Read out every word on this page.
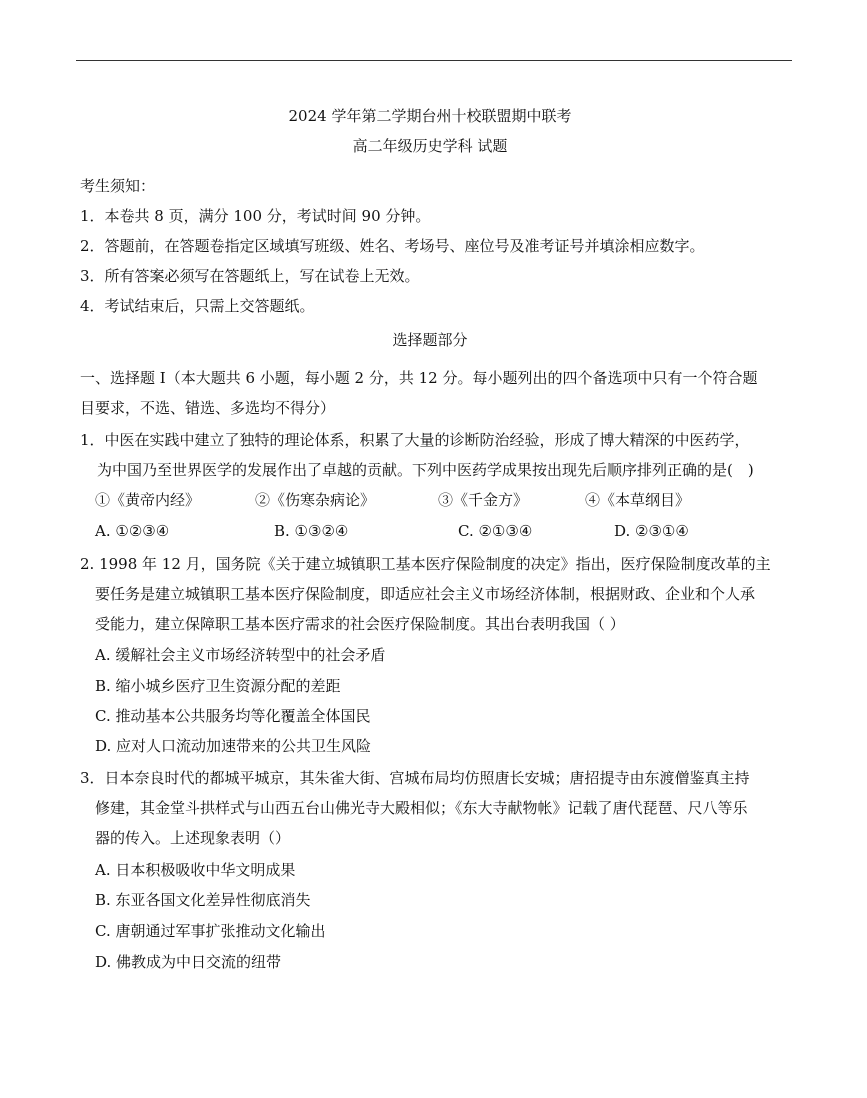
2024 学年第二学期台州十校联盟期中联考
高二年级历史学科 试题
考生须知：
1．本卷共 8 页，满分 100 分，考试时间 90 分钟。
2．答题前，在答题卷指定区域填写班级、姓名、考场号、座位号及准考证号并填涂相应数字。
3．所有答案必须写在答题纸上，写在试卷上无效。
4．考试结束后，只需上交答题纸。
选择题部分
一、选择题 I（本大题共 6 小题，每小题 2 分，共 12 分。每小题列出的四个备选项中只有一个符合题
目要求，不选、错选、多选均不得分）
1．中医在实践中建立了独特的理论体系，积累了大量的诊断防治经验，形成了博大精深的中医药学，
为中国乃至世界医学的发展作出了卓越的贡献。下列中医药学成果按出现先后顺序排列正确的是(　)
①《黄帝内经》	②《伤寒杂病论》	③《千金方》	④《本草纲目》
A. ①②③④	B. ①③②④	C. ②①③④	D. ②③①④
2. 1998 年 12 月，国务院《关于建立城镇职工基本医疗保险制度的决定》指出，医疗保险制度改革的主
要任务是建立城镇职工基本医疗保险制度，即适应社会主义市场经济体制，根据财政、企业和个人承
受能力，建立保障职工基本医疗需求的社会医疗保险制度。其出台表明我国（ ）
A. 缓解社会主义市场经济转型中的社会矛盾
B. 缩小城乡医疗卫生资源分配的差距
C. 推动基本公共服务均等化覆盖全体国民
D. 应对人口流动加速带来的公共卫生风险
3．日本奈良时代的都城平城京，其朱雀大街、宫城布局均仿照唐长安城；唐招提寺由东渡僧鉴真主持
修建，其金堂斗拱样式与山西五台山佛光寺大殿相似；《东大寺献物帐》记载了唐代琵琶、尺八等乐
器的传入。上述现象表明（）
A. 日本积极吸收中华文明成果
B. 东亚各国文化差异性彻底消失
C. 唐朝通过军事扩张推动文化输出
D. 佛教成为中日交流的纽带
